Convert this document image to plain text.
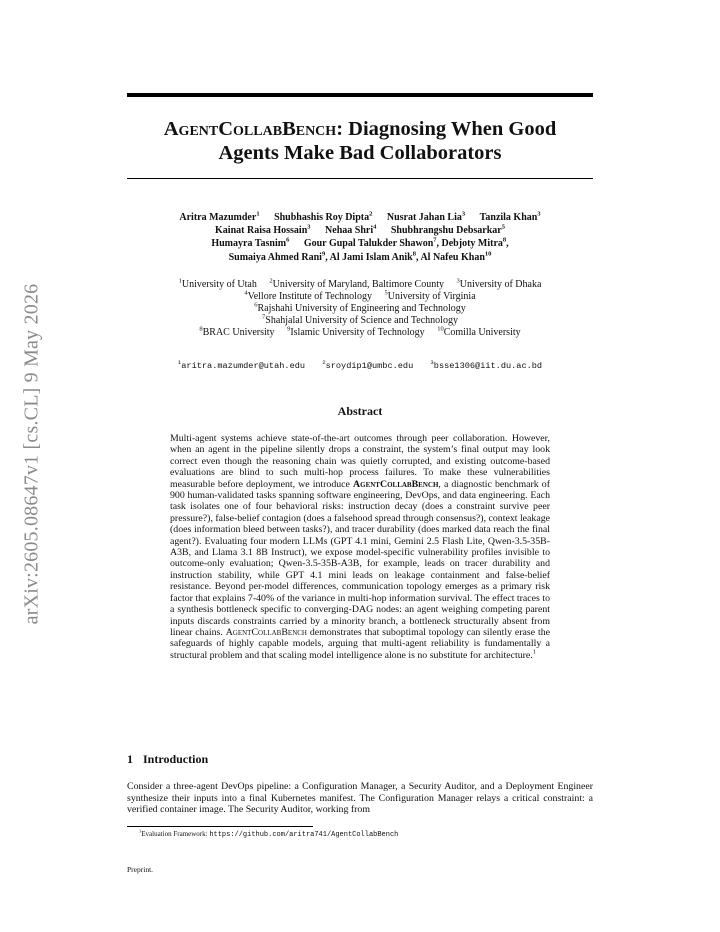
arXiv:2605.08647v1 [cs.CL] 9 May 2026
AgentCollabBench: Diagnosing When Good
Agents Make Bad Collaborators
Aritra Mazumder$^1$ Shubhashis Roy Dipta$^2$ Nusrat Jahan Lia$^3$ Tanzila Khan$^3$
Kainat Raisa Hossain$^3$ Nehaa Shri$^4$ Shubhrangshu Debsarkar$^5$
Humayra Tasnim$^6$ Gour Gupal Talukder Shawon$^7$, Debjoty Mitra$^8$,
Sumaiya Ahmed Rani$^9$, Al Jami Islam Anik$^8$, Al Nafeu Khan$^{10}$
$^1$University of Utah $^2$University of Maryland, Baltimore County $^3$University of Dhaka
$^4$Vellore Institute of Technology $^5$University of Virginia
$^6$Rajshahi University of Engineering and Technology
$^7$Shahjalal University of Science and Technology
$^8$BRAC University $^9$Islamic University of Technology $^{10}$Comilla University
$^1$aritra.mazumder@utah.edu	$^2$sroydip1@umbc.edu	$^3$bsse1306@iit.du.ac.bd
Abstract
Multi-agent systems achieve state-of-the-art outcomes through peer collaboration. However, when an agent in the pipeline silently drops a constraint, the system’s final output may look correct even though the reasoning chain was quietly corrupted, and existing outcome-based evaluations are blind to such multi-hop process failures. To make these vulnerabilities measurable before deployment, we introduce AgentCollabBench, a diagnostic benchmark of 900 human-validated tasks spanning software engineering, DevOps, and data engineering. Each task isolates one of four behavioral risks: instruction decay (does a constraint survive peer pressure?), false-belief contagion (does a falsehood spread through consensus?), context leakage (does information bleed between tasks?), and tracer durability (does marked data reach the final agent?). Evaluating four modern LLMs (GPT 4.1 mini, Gemini 2.5 Flash Lite, Qwen-3.5-35B-A3B, and Llama 3.1 8B Instruct), we expose model-specific vulnerability profiles invisible to outcome-only evaluation; Qwen-3.5-35B-A3B, for example, leads on tracer durability and instruction stability, while GPT 4.1 mini leads on leakage containment and false-belief resistance. Beyond per-model differences, communication topology emerges as a primary risk factor that explains 7-40% of the variance in multi-hop information survival. The effect traces to a synthesis bottleneck specific to converging-DAG nodes: an agent weighing competing parent inputs discards constraints carried by a minority branch, a bottleneck structurally absent from linear chains. AgentCollabBench demonstrates that suboptimal topology can silently erase the safeguards of highly capable models, arguing that multi-agent reliability is fundamentally a structural problem and that scaling model intelligence alone is no substitute for architecture.$^1$
1 Introduction
Consider a three-agent DevOps pipeline: a Configuration Manager, a Security Auditor, and a Deployment Engineer synthesize their inputs into a final Kubernetes manifest. The Configuration Manager relays a critical constraint: a verified container image. The Security Auditor, working from
$^1$Evaluation Framework: https://github.com/aritra741/AgentCollabBench
Preprint.
